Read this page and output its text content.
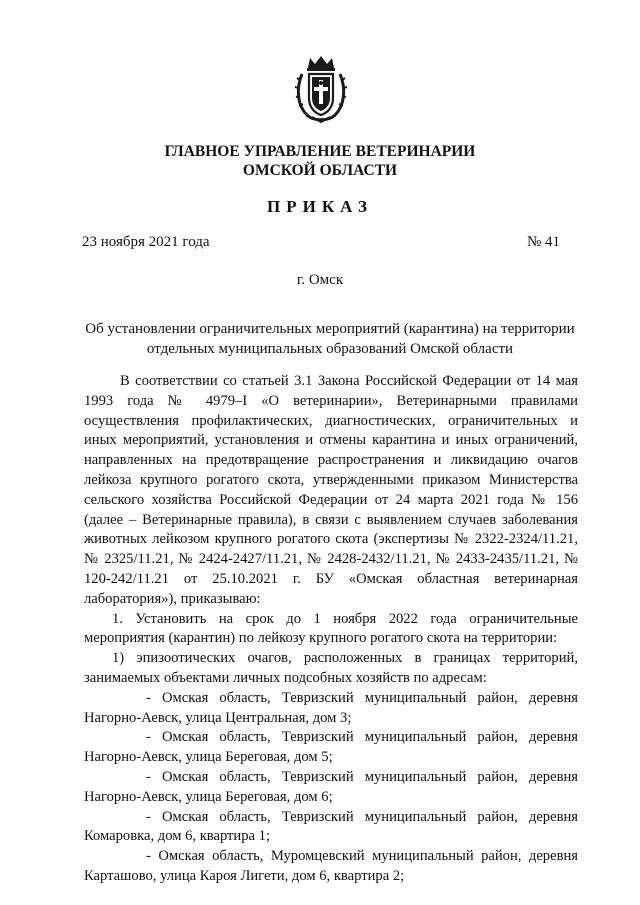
ГЛАВНОЕ УПРАВЛЕНИЕ ВЕТЕРИНАРИИ
ОМСКОЙ ОБЛАСТИ
ПРИКАЗ
23 ноября 2021 года	№ 41
г. Омск
Об установлении ограничительных мероприятий (карантина) на территории
отдельных муниципальных образований Омской области

В соответствии со статьей 3.1 Закона Российской Федерации от 14 мая 1993 года № 4979–I «О ветеринарии», Ветеринарными правилами осуществления профилактических, диагностических, ограничительных и иных мероприятий, установления и отмены карантина и иных ограничений, направленных на предотвращение распространения и ликвидацию очагов лейкоза крупного рогатого скота, утвержденными приказом Министерства сельского хозяйства Российской Федерации от 24 марта 2021 года № 156 (далее – Ветеринарные правила), в связи с выявлением случаев заболевания животных лейкозом крупного рогатого скота (экспертизы № 2322-2324/11.21, № 2325/11.21, № 2424-2427/11.21, № 2428-2432/11.21, № 2433-2435/11.21, № 120-242/11.21 от 25.10.2021 г. БУ «Омская областная ветеринарная лаборатория»), приказываю:

1. Установить на срок до 1 ноября 2022 года ограничительные мероприятия (карантин) по лейкозу крупного рогатого скота на территории:

1) эпизоотических очагов, расположенных в границах территорий, занимаемых объектами личных подсобных хозяйств по адресам:

- Омская область, Тевризский муниципальный район, деревня Нагорно-Аевск, улица Центральная, дом 3;

- Омская область, Тевризский муниципальный район, деревня Нагорно-Аевск, улица Береговая, дом 5;

- Омская область, Тевризский муниципальный район, деревня Нагорно-Аевск, улица Береговая, дом 6;

- Омская область, Тевризский муниципальный район, деревня Комаровка, дом 6, квартира 1;

- Омская область, Муромцевский муниципальный район, деревня Карташово, улица Кароя Лигети, дом 6, квартира 2;
